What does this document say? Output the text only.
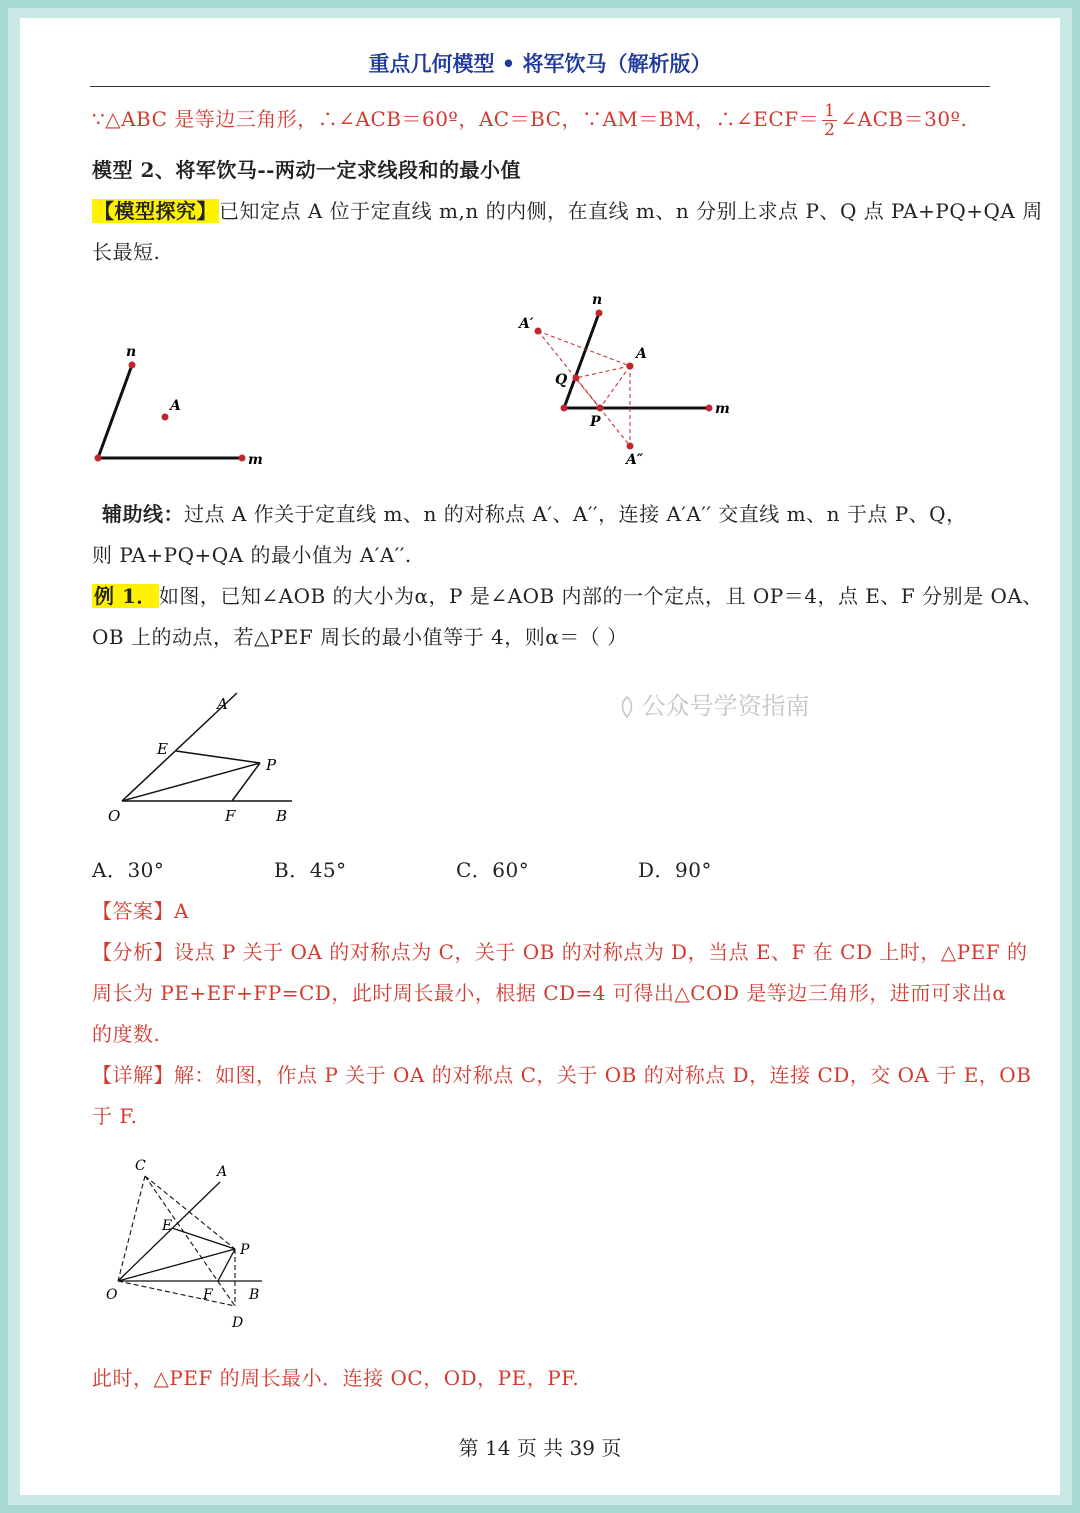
重点几何模型 • 将军饮马（解析版）
∵△ABC 是等边三角形，∴∠ACB＝60º，AC＝BC，∵AM＝BM，∴∠ECF＝ $\frac{1}{2}$ ∠ACB＝30º.
模型 2、将军饮马--两动一定求线段和的最小值
【模型探究】 已知定点 A 位于定直线 m,n 的内侧，在直线 m、n 分别上求点 P、Q 点 PA+PQ+QA 周
长最短.
n
A
m
n
A′
A
Q
P
m
A″
辅助线：过点 A 作关于定直线 m、n 的对称点 A′、A′′，连接 A′A′′ 交直线 m、n 于点 P、Q，
则 PA+PQ+QA 的最小值为 A′A′′.
例 1． 如图，已知∠AOB 的大小为α，P 是∠AOB 内部的一个定点，且 OP＝4，点 E、F 分别是 OA、
OB 上的动点，若△PEF 周长的最小值等于 4，则α＝（ ）
A
E
P
O	F	B
公众号学资指南
A．30°	B．45°	C．60°	D．90°
【答案】A
【分析】设点 P 关于 OA 的对称点为 C，关于 OB 的对称点为 D，当点 E、F 在 CD 上时，△PEF 的
周长为 PE+EF+FP=CD，此时周长最小，根据 CD=4 可得出△COD 是等边三角形，进而可求出α
的度数.
【详解】解：如图，作点 P 关于 OA 的对称点 C，关于 OB 的对称点 D，连接 CD，交 OA 于 E，OB
于 F.
C	A
E
P
O	F	B
D
此时，△PEF 的周长最小．连接 OC，OD，PE，PF.
第 14 页 共 39 页
